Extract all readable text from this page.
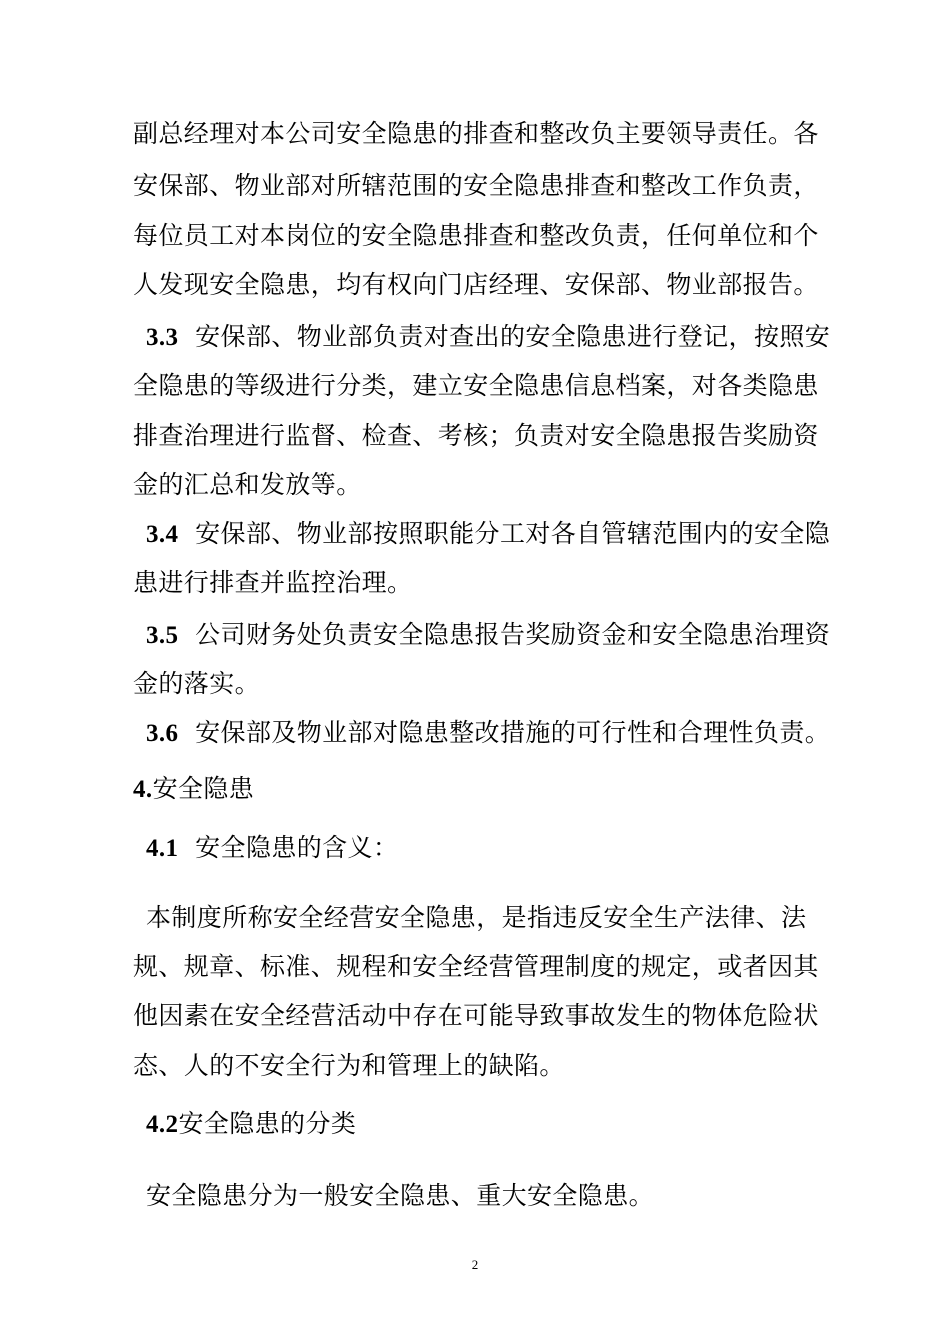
副总经理对本公司安全隐患的排查和整改负主要领导责任。各
安保部、物业部对所辖范围的安全隐患排查和整改工作负责，
每位员工对本岗位的安全隐患排查和整改负责，任何单位和个
人发现安全隐患，均有权向门店经理、安保部、物业部报告。
3.3 安保部、物业部负责对查出的安全隐患进行登记，按照安
全隐患的等级进行分类，建立安全隐患信息档案，对各类隐患
排查治理进行监督、检查、考核；负责对安全隐患报告奖励资
金的汇总和发放等。
3.4 安保部、物业部按照职能分工对各自管辖范围内的安全隐
患进行排查并监控治理。
3.5 公司财务处负责安全隐患报告奖励资金和安全隐患治理资
金的落实。
3.6 安保部及物业部对隐患整改措施的可行性和合理性负责。
4.安全隐患
4.1 安全隐患的含义：
本制度所称安全经营安全隐患，是指违反安全生产法律、法
规、规章、标准、规程和安全经营管理制度的规定，或者因其
他因素在安全经营活动中存在可能导致事故发生的物体危险状
态、人的不安全行为和管理上的缺陷。
4.2安全隐患的分类
安全隐患分为一般安全隐患、重大安全隐患。
2
